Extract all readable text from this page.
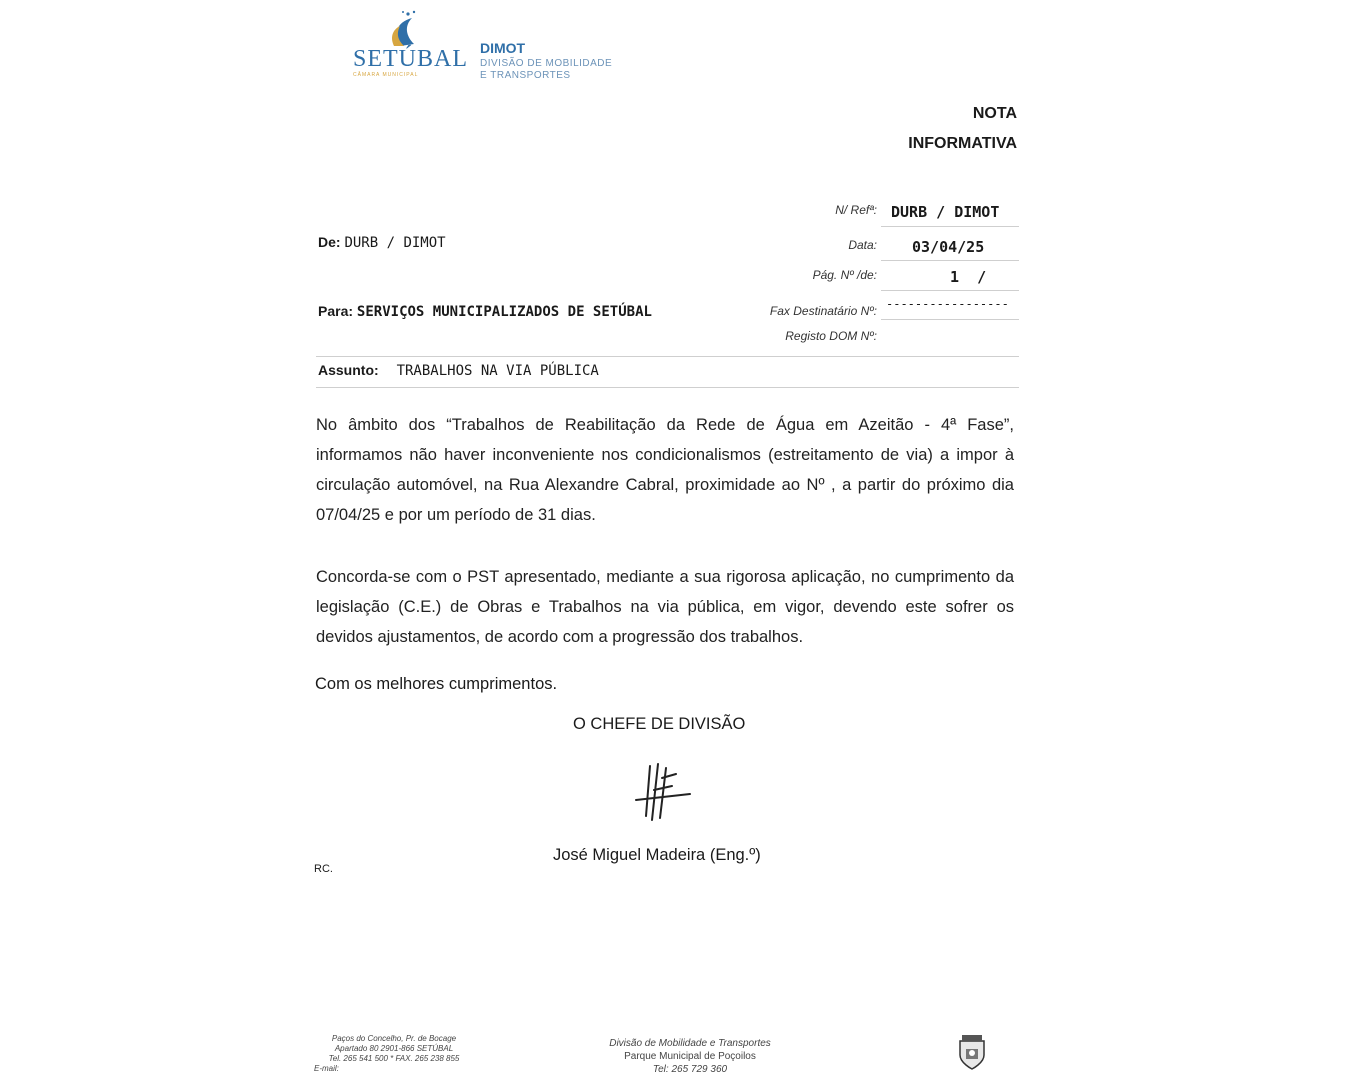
SETÚBAL
CÂMARA MUNICIPAL
DIMOT
DIVISÃO DE MOBILIDADE
E TRANSPORTES
NOTA
INFORMATIVA
N/ Refª: DURB / DIMOT
Data: 03/04/25
Pág. Nº /de:	1  /
Fax Destinatário Nº: -----------------
Registo DOM Nº:
De: DURB / DIMOT
Para: SERVIÇOS MUNICIPALIZADOS DE SETÚBAL
Assunto: TRABALHOS NA VIA PÚBLICA
No âmbito dos “Trabalhos de Reabilitação da Rede de Água em Azeitão - 4ª Fase”, informamos não haver inconveniente nos condicionalismos (estreitamento de via) a impor à circulação automóvel, na Rua Alexandre Cabral, proximidade ao Nº , a partir do próximo dia 07/04/25 e por um período de 31 dias.
Concorda-se com o PST apresentado, mediante a sua rigorosa aplicação, no cumprimento da legislação (C.E.) de Obras e Trabalhos na via pública, em vigor, devendo este sofrer os devidos ajustamentos, de acordo com a progressão dos trabalhos.
Com os melhores cumprimentos.
O CHEFE DE DIVISÃO
José Miguel Madeira (Eng.º)
RC.
Paços do Concelho, Pr. de Bocage
Apartado 80 2901-866 SETÚBAL
Tel. 265 541 500 * FAX. 265 238 855
E-mail:
Divisão de Mobilidade e Transportes
Parque Municipal de Poçoilos
Tel: 265 729 360
